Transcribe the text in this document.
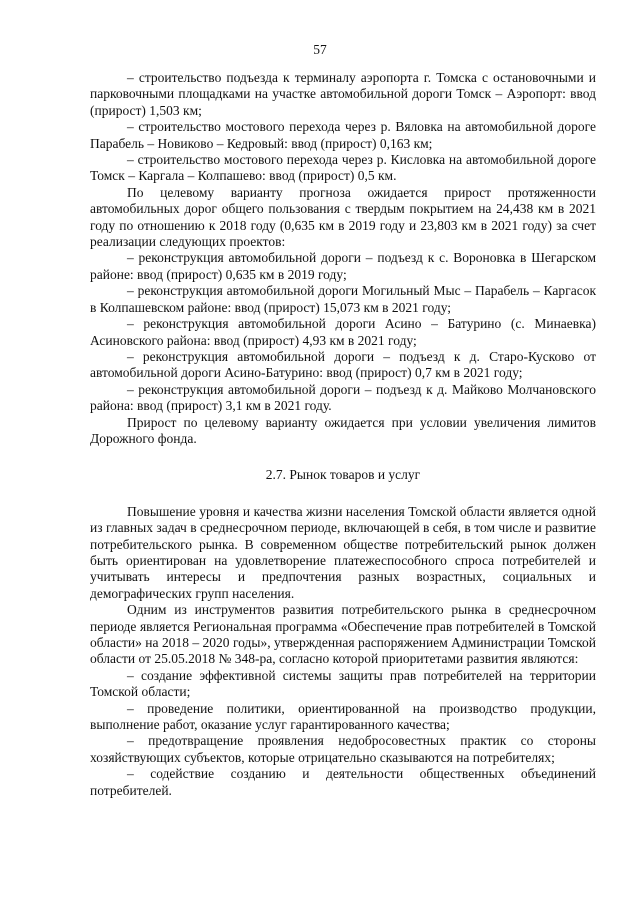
57

– строительство подъезда к терминалу аэропорта г. Томска с остановочными и парковочными площадками на участке автомобильной дороги Томск – Аэропорт: ввод (прирост) 1,503 км;

– строительство мостового перехода через р. Вяловка на автомобильной дороге Парабель – Новиково – Кедровый: ввод (прирост) 0,163 км;

– строительство мостового перехода через р. Кисловка на автомобильной дороге Томск – Каргала – Колпашево: ввод (прирост) 0,5 км.

По целевому варианту прогноза ожидается прирост протяженности автомобильных дорог общего пользования с твердым покрытием на 24,438 км в 2021 году по отношению к 2018 году (0,635 км в 2019 году и 23,803 км в 2021 году) за счет реализации следующих проектов:

– реконструкция автомобильной дороги – подъезд к с. Вороновка в Шегарском районе: ввод (прирост) 0,635 км в 2019 году;

– реконструкция автомобильной дороги Могильный Мыс – Парабель – Каргасок в Колпашевском районе: ввод (прирост) 15,073 км в 2021 году;

– реконструкция автомобильной дороги Асино – Батурино (с. Минаевка) Асиновского района: ввод (прирост) 4,93 км в 2021 году;

– реконструкция автомобильной дороги – подъезд к д. Старо-Кусково от автомобильной дороги Асино-Батурино: ввод (прирост) 0,7 км в 2021 году;

– реконструкция автомобильной дороги – подъезд к д. Майково Молчановского района: ввод (прирост) 3,1 км в 2021 году.

Прирост по целевому варианту ожидается при условии увеличения лимитов Дорожного фонда.

2.7. Рынок товаров и услуг

Повышение уровня и качества жизни населения Томской области является одной из главных задач в среднесрочном периоде, включающей в себя, в том числе и развитие потребительского рынка. В современном обществе потребительский рынок должен быть ориентирован на удовлетворение платежеспособного спроса потребителей и учитывать интересы и предпочтения разных возрастных, социальных и демографических групп населения.

Одним из инструментов развития потребительского рынка в среднесрочном периоде является Региональная программа «Обеспечение прав потребителей в Томской области» на 2018 – 2020 годы», утвержденная распоряжением Администрации Томской области от 25.05.2018 № 348-ра, согласно которой приоритетами развития являются:

– создание эффективной системы защиты прав потребителей на территории Томской области;

– проведение политики, ориентированной на производство продукции, выполнение работ, оказание услуг гарантированного качества;

– предотвращение проявления недобросовестных практик со стороны хозяйствующих субъектов, которые отрицательно сказываются на потребителях;

– содействие созданию и деятельности общественных объединений потребителей.
